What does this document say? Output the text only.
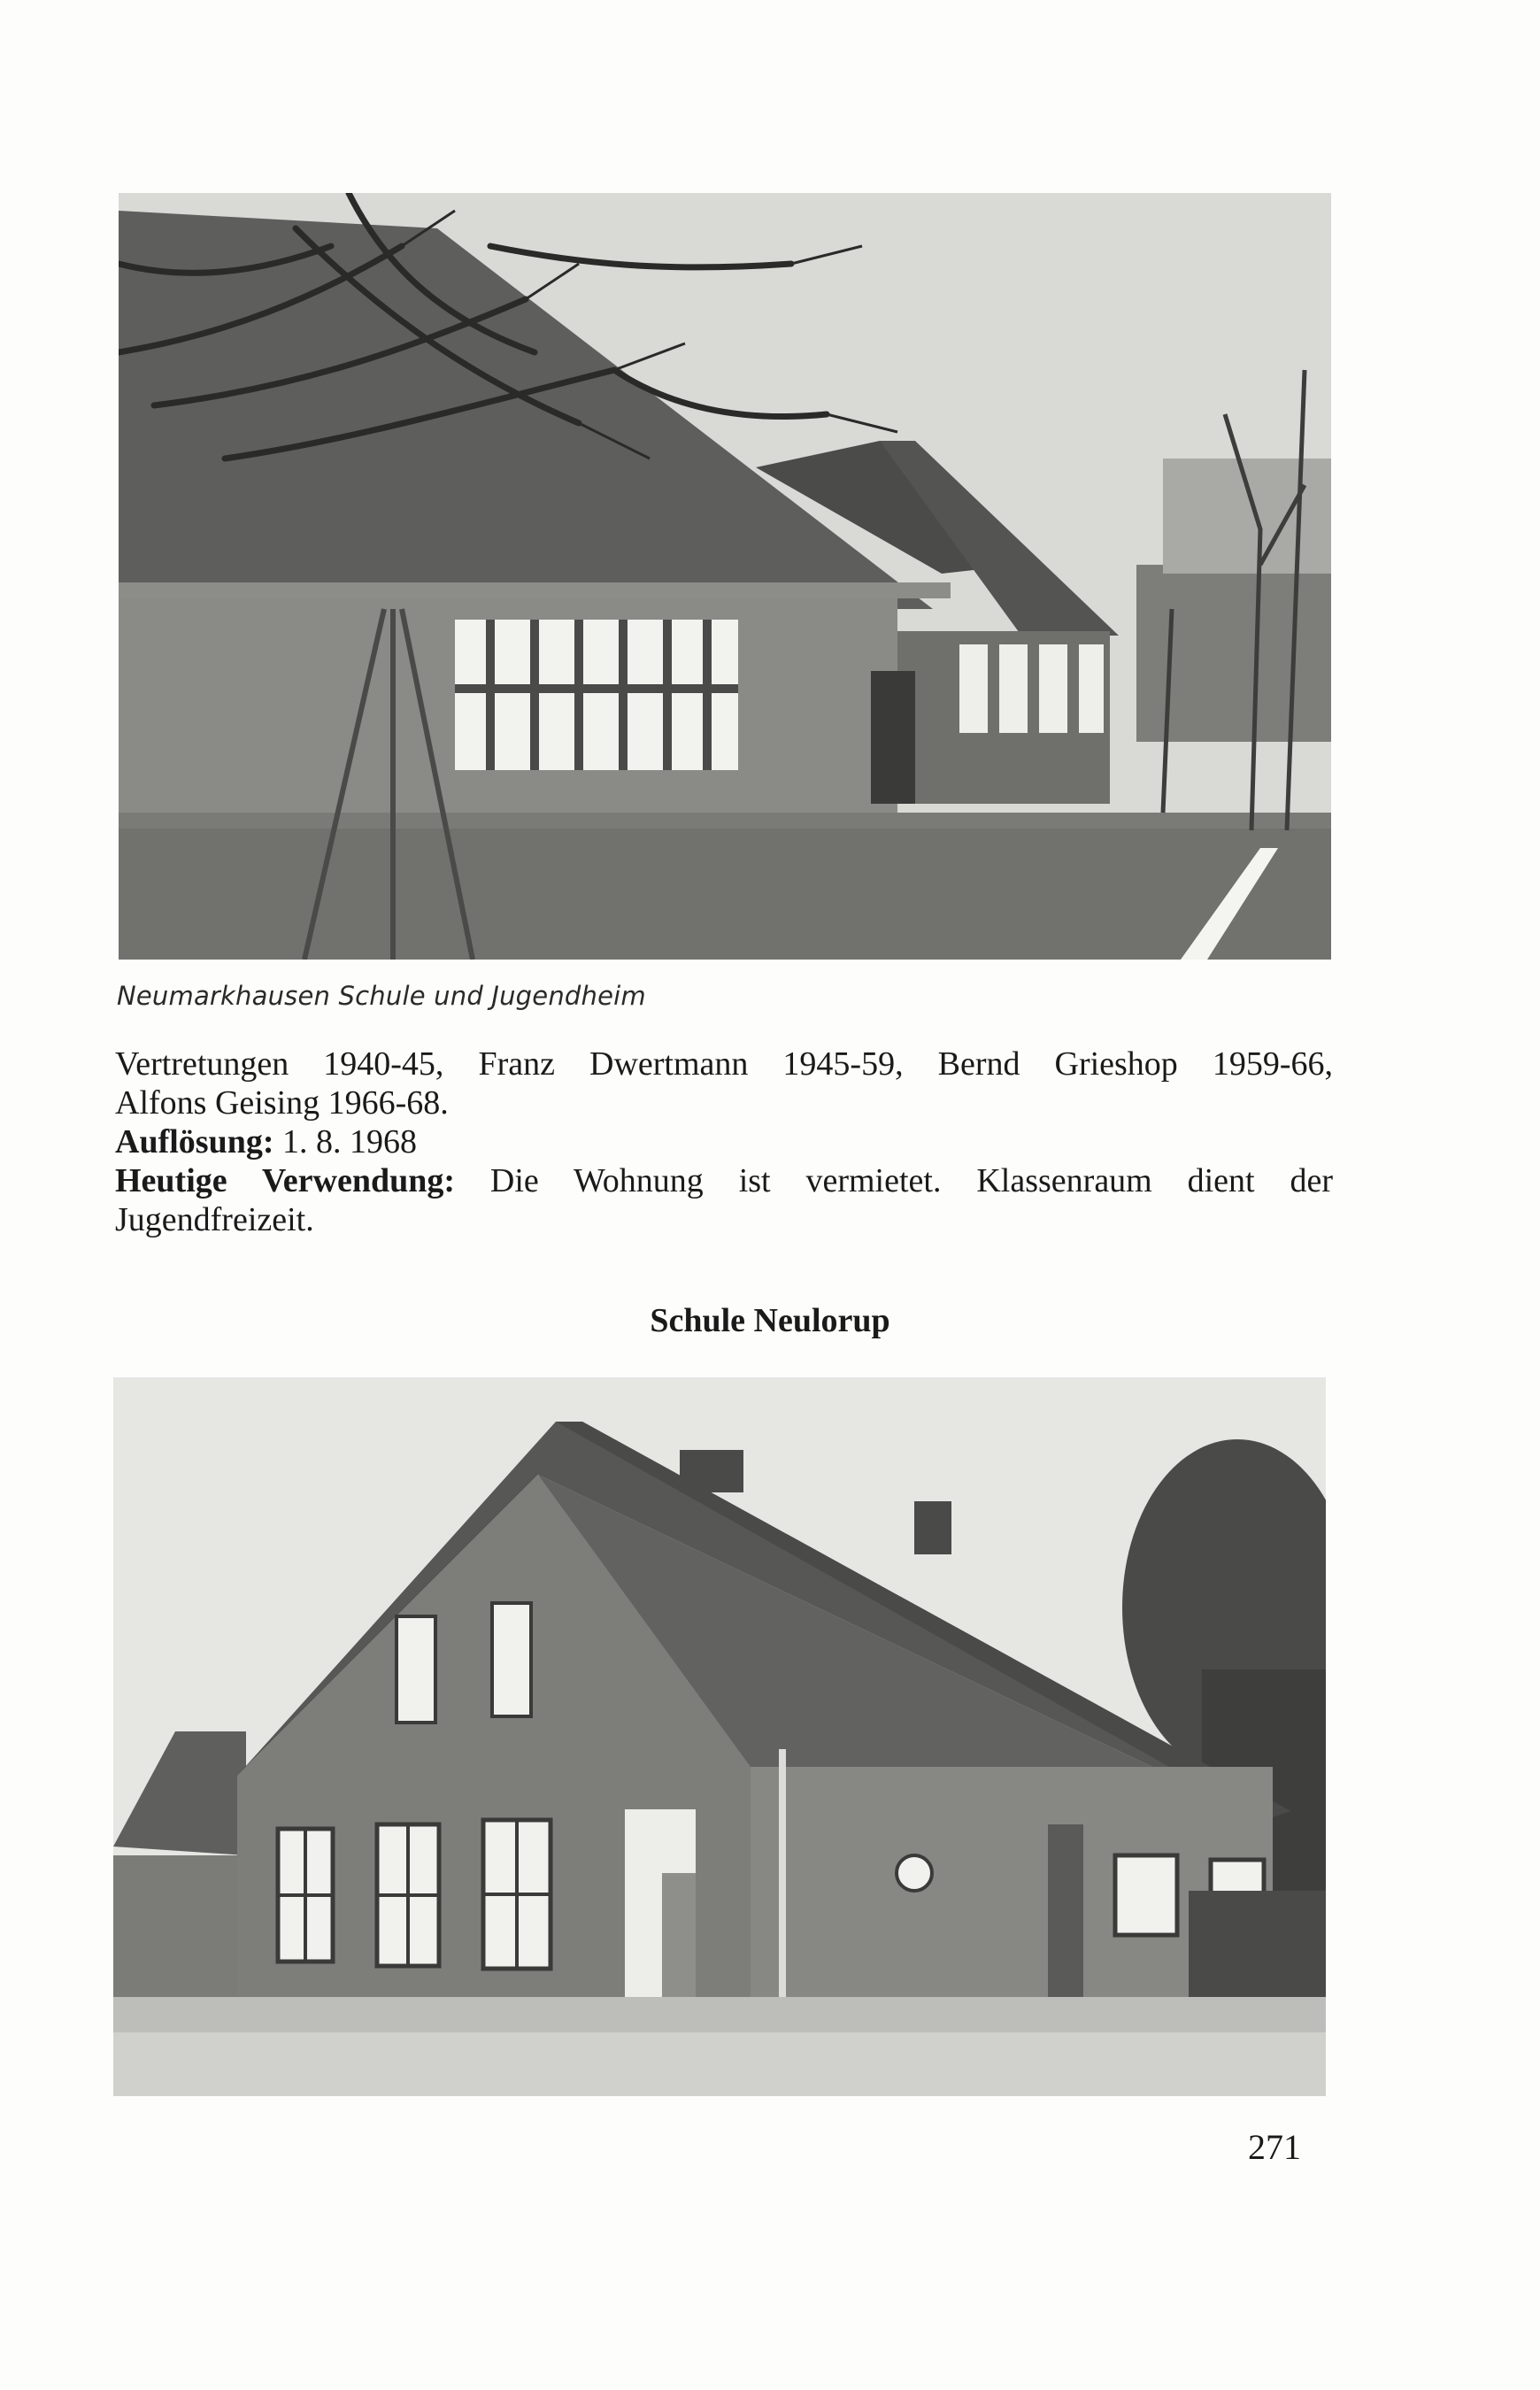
Neumarkhausen Schule und Jugendheim

Vertretungen 1940-45, Franz Dwertmann 1945-59, Bernd Grieshop 1959-66,

Alfons Geising 1966-68.

Auflösung: 1. 8. 1968

Heutige Verwendung: Die Wohnung ist vermietet. Klassenraum dient der

Jugendfreizeit.

Schule Neulorup
271
